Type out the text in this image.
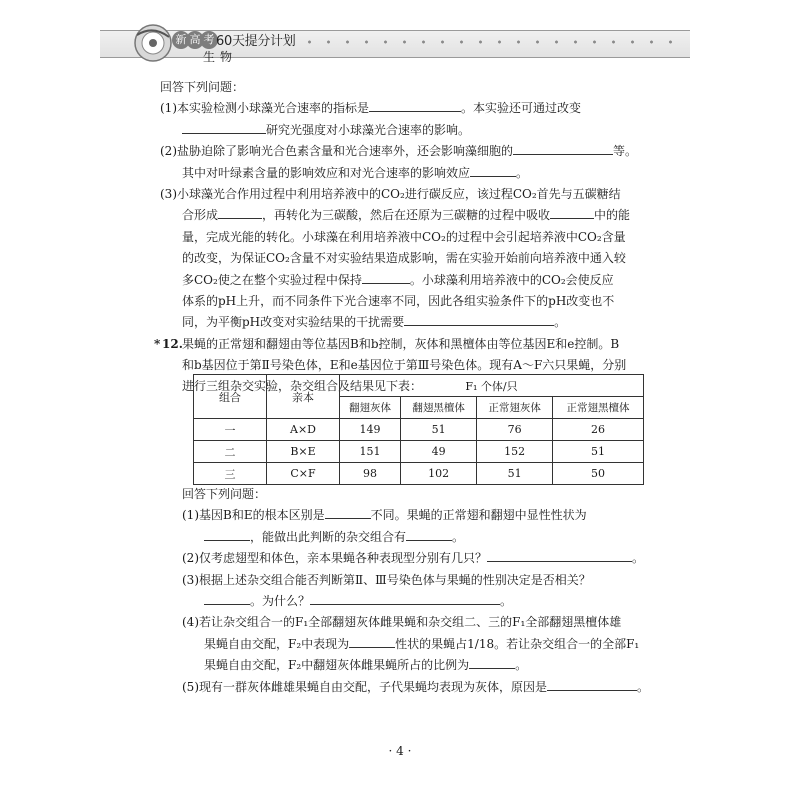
新 高 考 60天提分计划
生物
回答下列问题：
(1)本实验检测小球藻光合速率的指标是	。本实验还可通过改变
研究光强度对小球藻光合速率的影响。
(2)盐胁迫除了影响光合色素含量和光合速率外，还会影响藻细胞的	等。
其中对叶绿素含量的影响效应和对光合速率的影响效应	。
(3)小球藻光合作用过程中利用培养液中的CO₂进行碳反应，该过程CO₂首先与五碳糖结
合形成	，再转化为三碳酸，然后在还原为三碳糖的过程中吸收	中的能
量，完成光能的转化。小球藻在利用培养液中CO₂的过程中会引起培养液中CO₂含量
的改变，为保证CO₂含量不对实验结果造成影响，需在实验开始前向培养液中通入较
多CO₂使之在整个实验过程中保持	。小球藻利用培养液中的CO₂会使反应
体系的pH上升，而不同条件下光合速率不同，因此各组实验条件下的pH改变也不
同，为平衡pH改变对实验结果的干扰需要	。
* 12. 果蝇的正常翅和翻翅由等位基因B和b控制，灰体和黑檀体由等位基因E和e控制。B
和b基因位于第Ⅱ号染色体，E和e基因位于第Ⅲ号染色体。现有A～F六只果蝇，分别
进行三组杂交实验，杂交组合及结果见下表：
组合	亲本	F₁ 个体/只			
		翻翅灰体	翻翅黑檀体	正常翅灰体	正常翅黑檀体
一	A×D	149	51	76	26
二	B×E	151	49	152	51
三	C×F	98	102	51	50
回答下列问题：
(1)基因B和E的根本区别是	不同。果蝇的正常翅和翻翅中显性性状为
，能做出此判断的杂交组合有	。
(2)仅考虑翅型和体色，亲本果蝇各种表现型分别有几只？	。
(3)根据上述杂交组合能否判断第Ⅱ、Ⅲ号染色体与果蝇的性别决定是否相关？
。为什么？	。
(4)若让杂交组合一的F₁全部翻翅灰体雌果蝇和杂交组二、三的F₁全部翻翅黑檀体雄
果蝇自由交配，F₂中表现为	性状的果蝇占1/18。若让杂交组合一的全部F₁
果蝇自由交配，F₂中翻翅灰体雌果蝇所占的比例为	。
(5)现有一群灰体雌雄果蝇自由交配，子代果蝇均表现为灰体，原因是	。
· 4 ·
